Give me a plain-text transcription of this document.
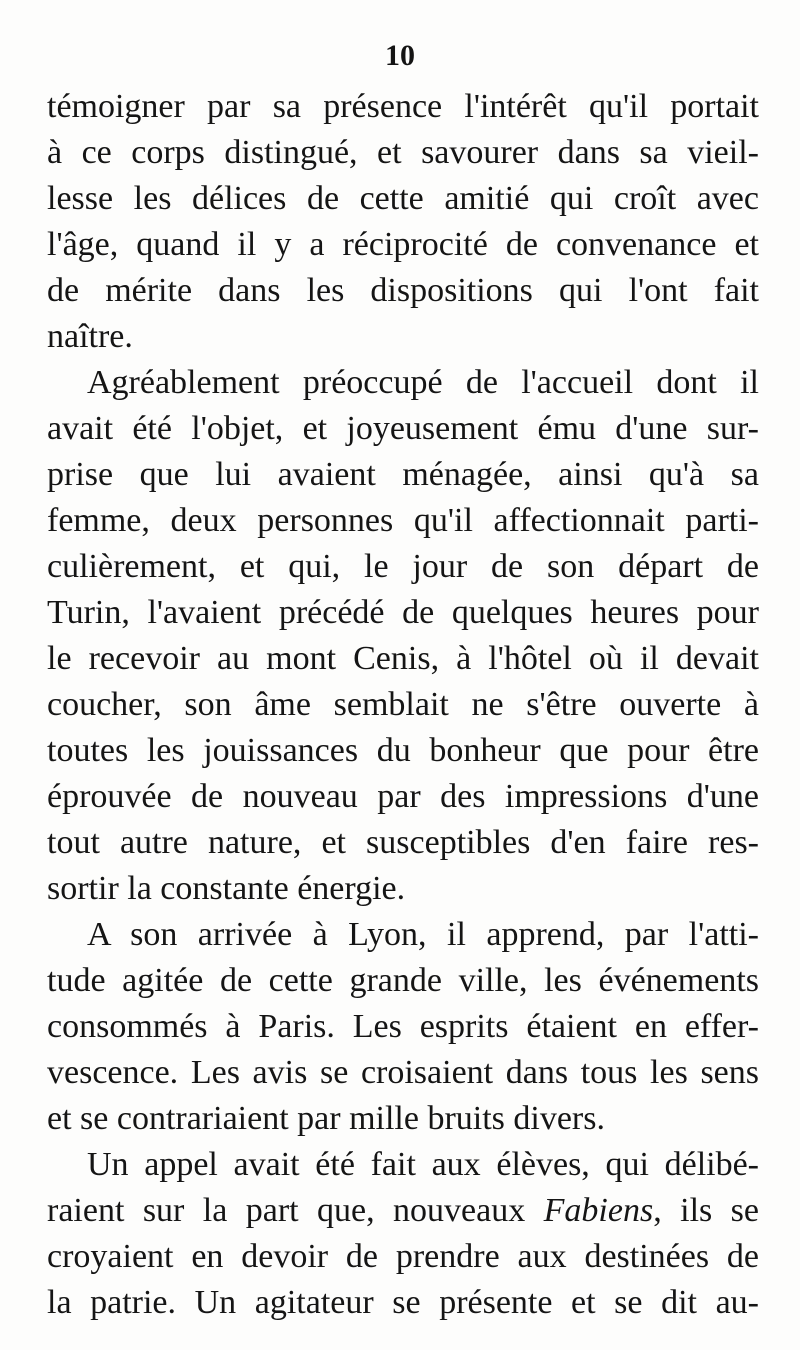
10
témoigner par sa présence l'intérêt qu'il portait
à ce corps distingué, et savourer dans sa vieil-
lesse les délices de cette amitié qui croît avec
l'âge, quand il y a réciprocité de convenance et
de mérite dans les dispositions qui l'ont fait
naître.
Agréablement préoccupé de l'accueil dont il
avait été l'objet, et joyeusement ému d'une sur-
prise que lui avaient ménagée, ainsi qu'à sa
femme, deux personnes qu'il affectionnait parti-
culièrement, et qui, le jour de son départ de
Turin, l'avaient précédé de quelques heures pour
le recevoir au mont Cenis, à l'hôtel où il devait
coucher, son âme semblait ne s'être ouverte à
toutes les jouissances du bonheur que pour être
éprouvée de nouveau par des impressions d'une
tout autre nature, et susceptibles d'en faire res-
sortir la constante énergie.
A son arrivée à Lyon, il apprend, par l'atti-
tude agitée de cette grande ville, les événements
consommés à Paris. Les esprits étaient en effer-
vescence. Les avis se croisaient dans tous les sens
et se contrariaient par mille bruits divers.
Un appel avait été fait aux élèves, qui délibé-
raient sur la part que, nouveaux Fabiens, ils se
croyaient en devoir de prendre aux destinées de
la patrie. Un agitateur se présente et se dit au-
